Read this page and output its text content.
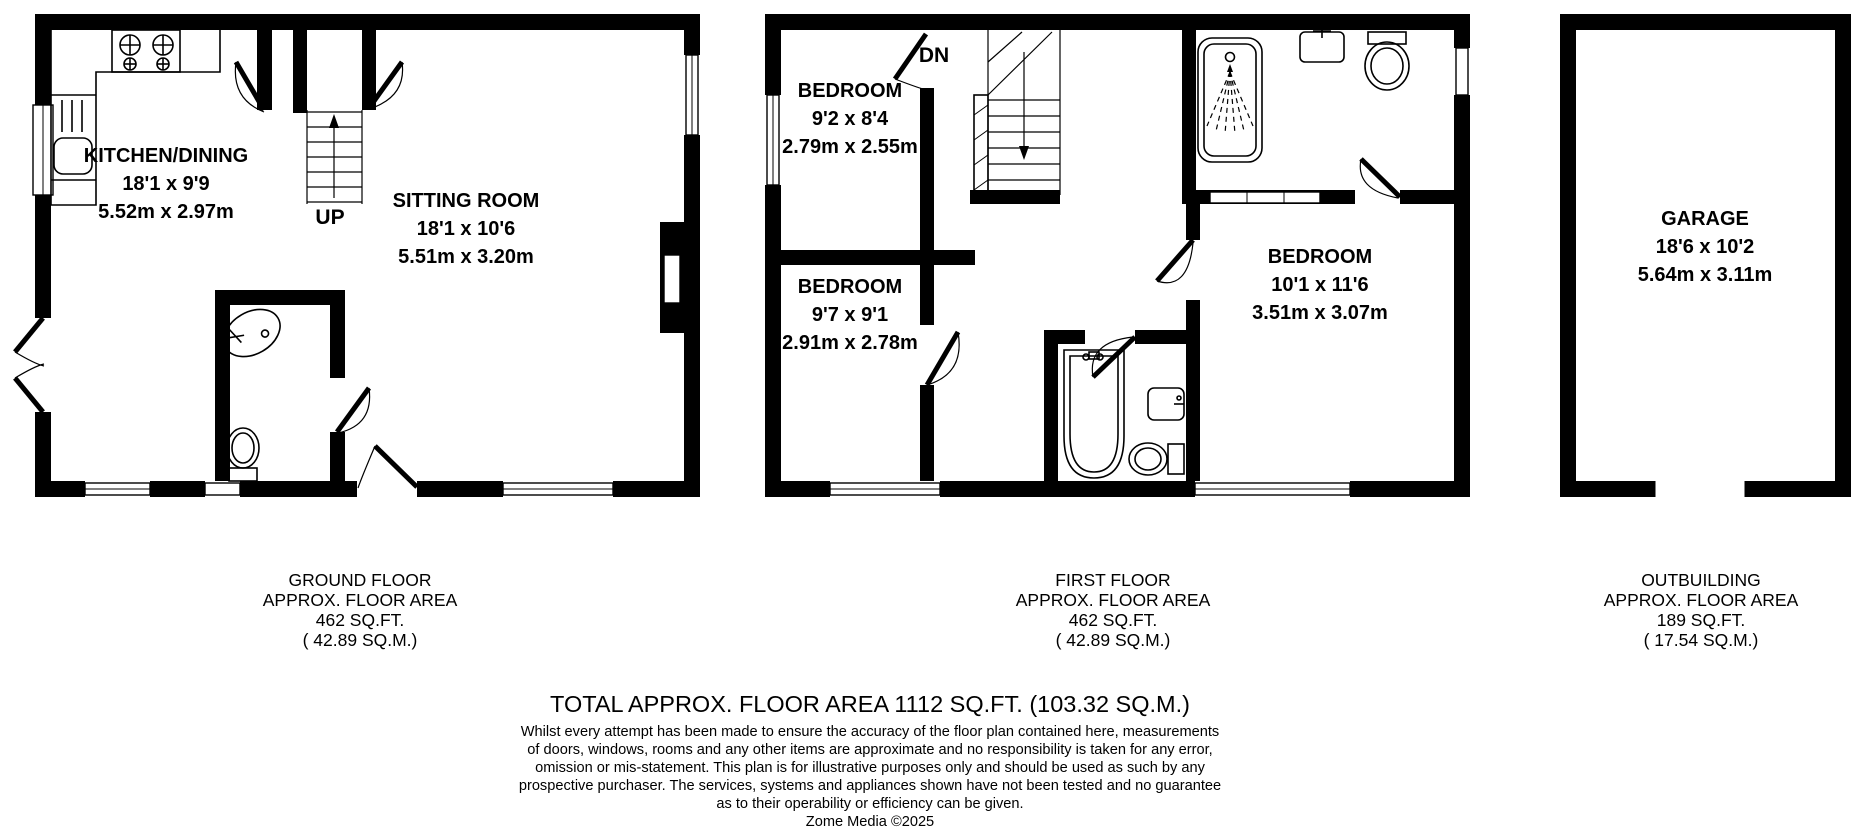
UP
KITCHEN/DINING
18'1 x 9'9
5.52m x 2.97m	SITTING ROOM
18'1 x 10'6
5.51m x 3.20m
GROUND FLOOR
APPROX. FLOOR AREA
462 SQ.FT.
( 42.89 SQ.M.)
DN
BEDROOM
9'2 x 8'4
2.79m x 2.55m
BEDROOM
9'7 x 9'1
2.91m x 2.78m
BEDROOM
10'1 x 11'6
3.51m x 3.07m
FIRST FLOOR
APPROX. FLOOR AREA
462 SQ.FT.
( 42.89 SQ.M.)
GARAGE
18'6 x 10'2
5.64m x 3.11m
OUTBUILDING
APPROX. FLOOR AREA
189 SQ.FT.
( 17.54 SQ.M.)
TOTAL APPROX. FLOOR AREA 1112 SQ.FT. (103.32 SQ.M.)
Whilst every attempt has been made to ensure the accuracy of the floor plan contained here, measurements
of doors, windows, rooms and any other items are approximate and no responsibility is taken for any error,
omission or mis-statement. This plan is for illustrative purposes only and should be used as such by any
prospective purchaser. The services, systems and appliances shown have not been tested and no guarantee
as to their operability or efficiency can be given.
Zome Media ©2025
